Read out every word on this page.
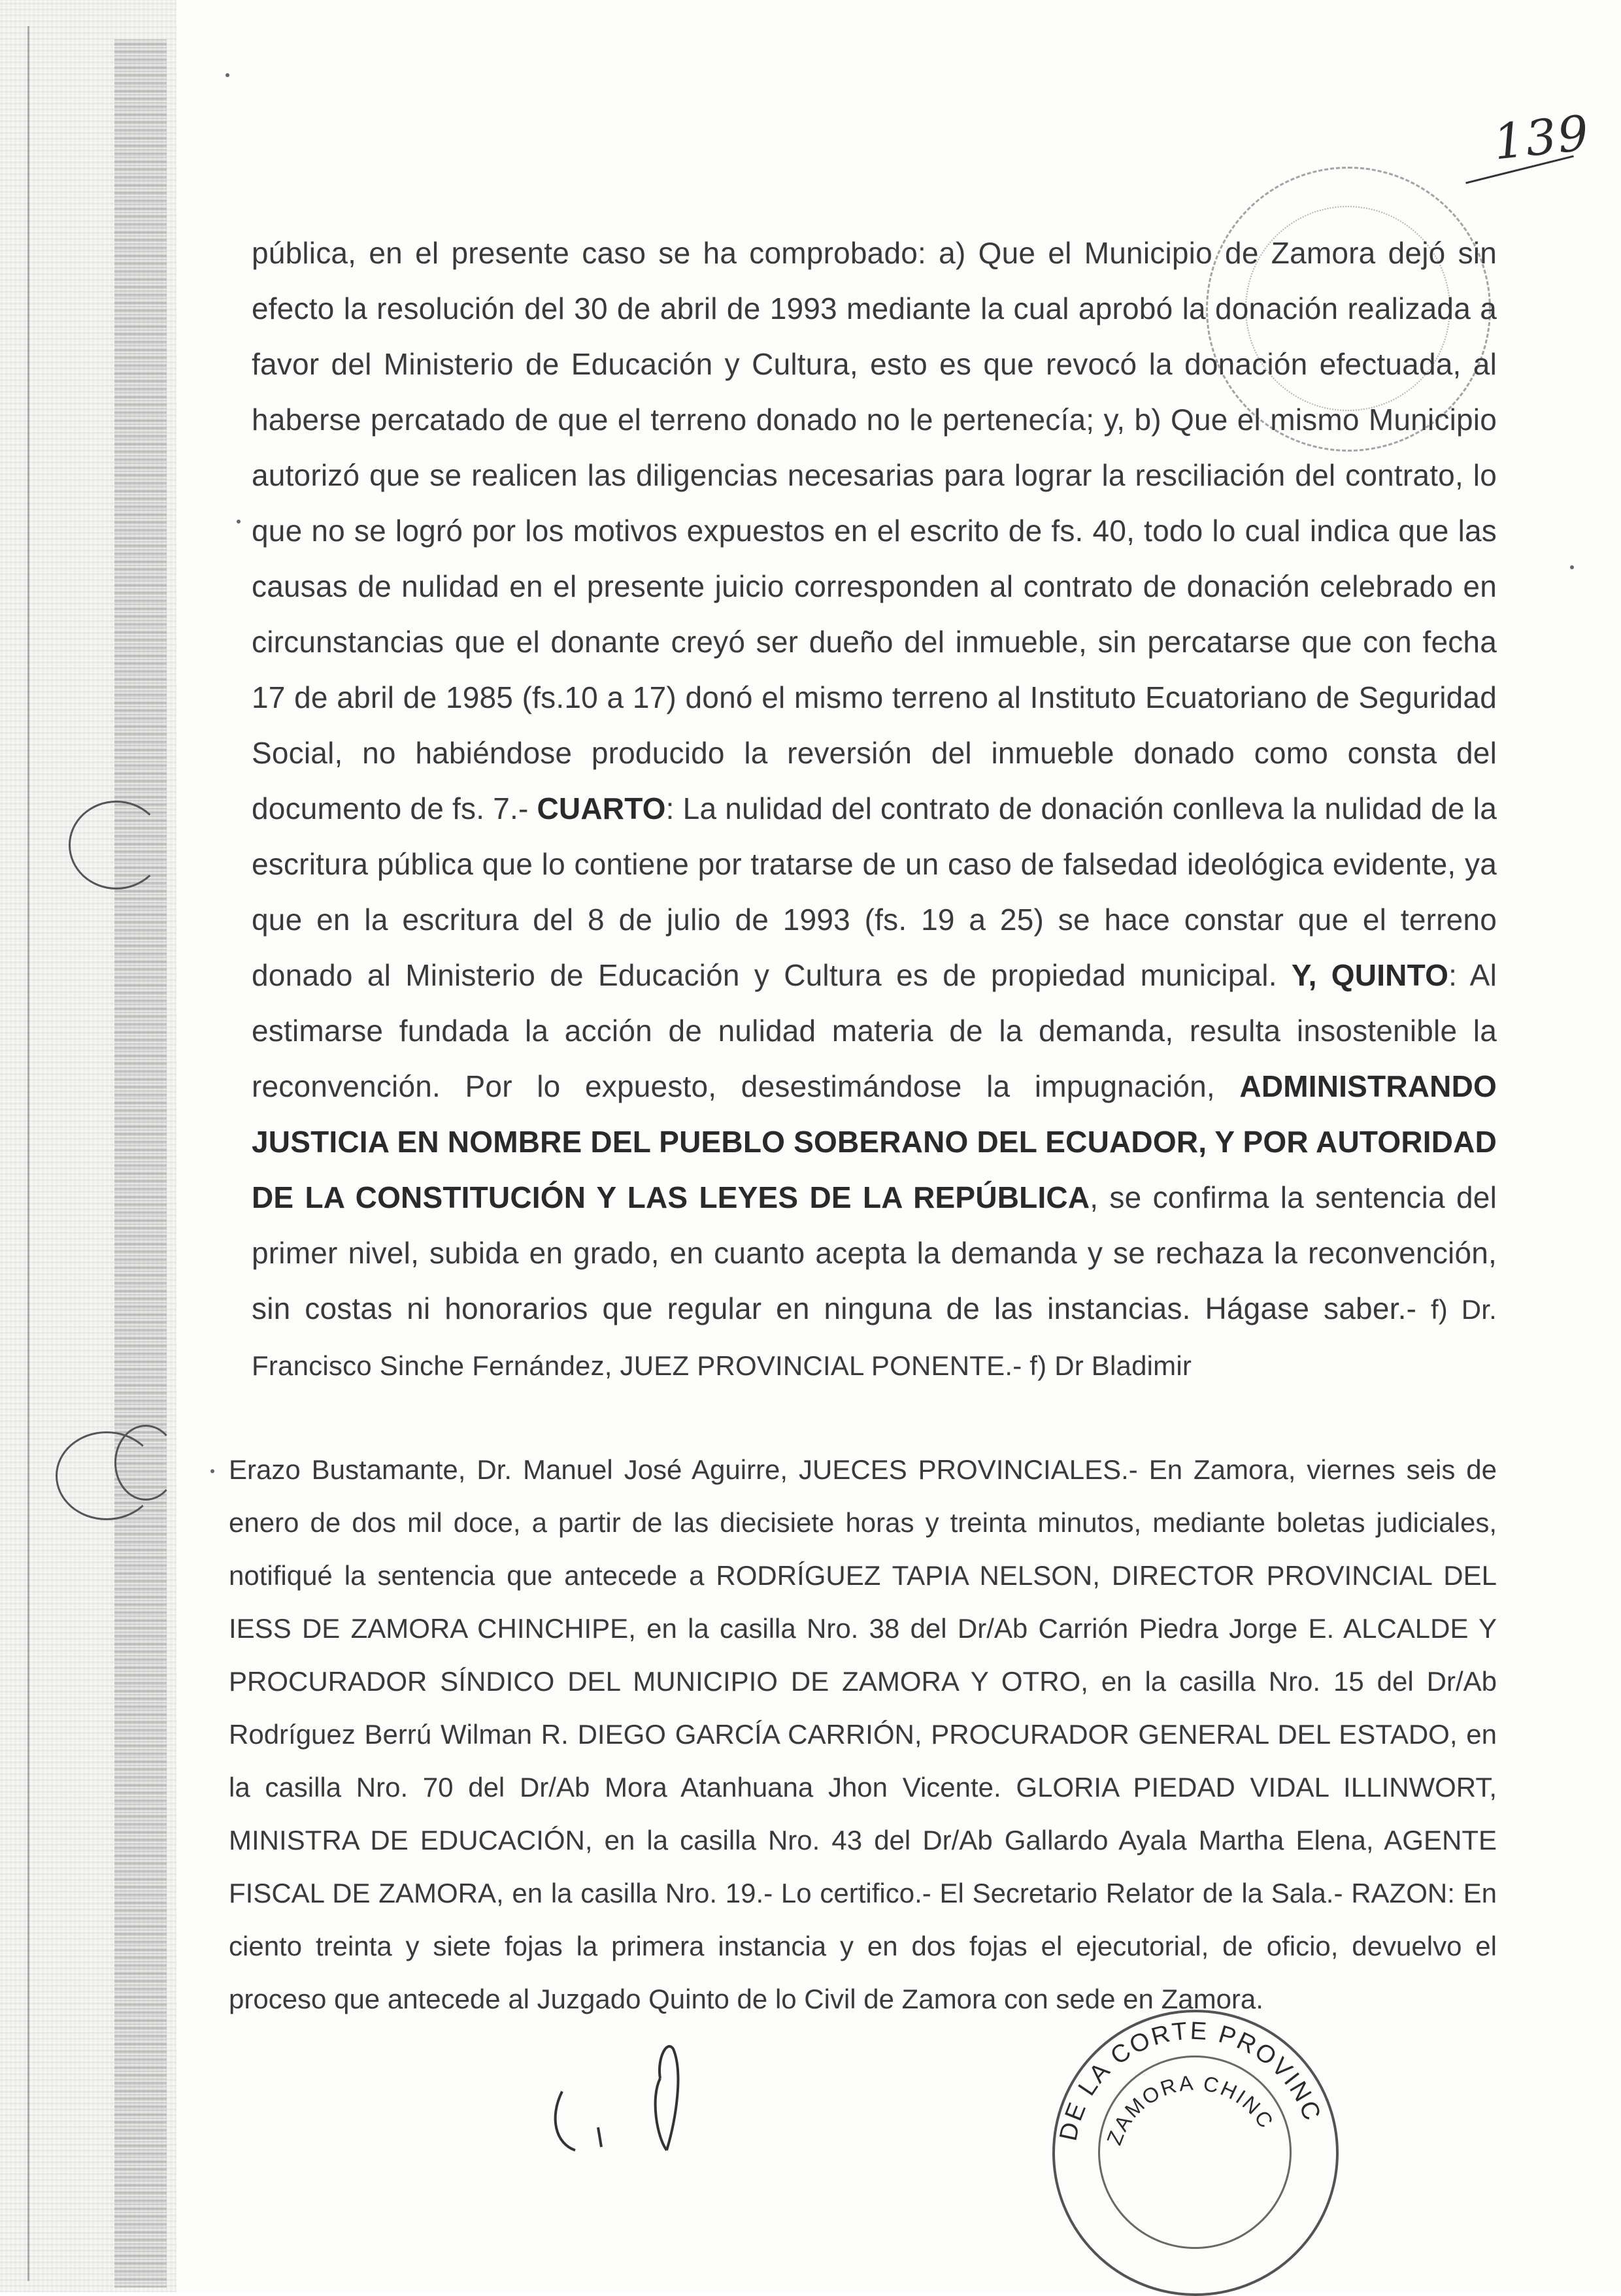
139

pública, en el presente caso se ha comprobado: a) Que el Municipio de Zamora dejó sin efecto la resolución del 30 de abril de 1993 mediante la cual aprobó la donación realizada a favor del Ministerio de Educación y Cultura, esto es que revocó la donación efectuada, al haberse percatado de que el terreno donado no le pertenecía; y, b) Que el mismo Municipio autorizó que se realicen las diligencias necesarias para lograr la resciliación del contrato, lo que no se logró por los motivos expuestos en el escrito de fs. 40, todo lo cual indica que las causas de nulidad en el presente juicio corresponden al contrato de donación celebrado en circunstancias que el donante creyó ser dueño del inmueble, sin percatarse que con fecha 17 de abril de 1985 (fs.10 a 17) donó el mismo terreno al Instituto Ecuatoriano de Seguridad Social, no habiéndose producido la reversión del inmueble donado como consta del documento de fs. 7.- CUARTO: La nulidad del contrato de donación conlleva la nulidad de la escritura pública que lo contiene por tratarse de un caso de falsedad ideológica evidente, ya que en la escritura del 8 de julio de 1993 (fs. 19 a 25) se hace constar que el terreno donado al Ministerio de Educación y Cultura es de propiedad municipal. Y, QUINTO: Al estimarse fundada la acción de nulidad materia de la demanda, resulta insostenible la reconvención. Por lo expuesto, desestimándose la impugnación, ADMINISTRANDO JUSTICIA EN NOMBRE DEL PUEBLO SOBERANO DEL ECUADOR, Y POR AUTORIDAD DE LA CONSTITUCIÓN Y LAS LEYES DE LA REPÚBLICA, se confirma la sentencia del primer nivel, subida en grado, en cuanto acepta la demanda y se rechaza la reconvención, sin costas ni honorarios que regular en ninguna de las instancias. Hágase saber.- f) Dr. Francisco Sinche Fernández, JUEZ PROVINCIAL PONENTE.- f) Dr Bladimir

Erazo Bustamante, Dr. Manuel José Aguirre, JUECES PROVINCIALES.- En Zamora, viernes seis de enero de dos mil doce, a partir de las diecisiete horas y treinta minutos, mediante boletas judiciales, notifiqué la sentencia que antecede a RODRÍGUEZ TAPIA NELSON, DIRECTOR PROVINCIAL DEL IESS DE ZAMORA CHINCHIPE, en la casilla Nro. 38 del Dr/Ab Carrión Piedra Jorge E. ALCALDE Y PROCURADOR SÍNDICO DEL MUNICIPIO DE ZAMORA Y OTRO, en la casilla Nro. 15 del Dr/Ab Rodríguez Berrú Wilman R. DIEGO GARCÍA CARRIÓN, PROCURADOR GENERAL DEL ESTADO, en la casilla Nro. 70 del Dr/Ab Mora Atanhuana Jhon Vicente. GLORIA PIEDAD VIDAL ILLINWORT, MINISTRA DE EDUCACIÓN, en la casilla Nro. 43 del Dr/Ab Gallardo Ayala Martha Elena, AGENTE FISCAL DE ZAMORA, en la casilla Nro. 19.- Lo certifico.- El Secretario Relator de la Sala.- RAZON: En ciento treinta y siete fojas la primera instancia y en dos fojas el ejecutorial, de oficio, devuelvo el proceso que antecede al Juzgado Quinto de lo Civil de Zamora con sede en Zamora.

DE LA CORTE PROVINC
ZAMORA CHINC
